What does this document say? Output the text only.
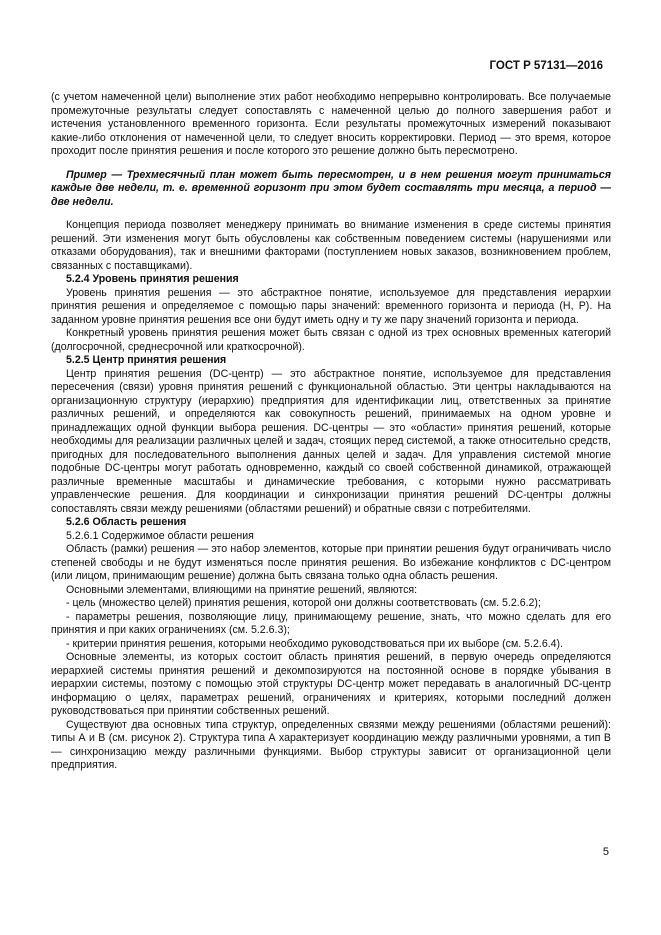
ГОСТ Р 57131—2016

(с учетом намеченной цели) выполнение этих работ необходимо непрерывно контролировать. Все получаемые промежуточные результаты следует сопоставлять с намеченной целью до полного завершения работ и истечения установленного временного горизонта. Если результаты промежуточных измерений показывают какие-либо отклонения от намеченной цели, то следует вносить корректировки. Период — это время, которое проходит после принятия решения и после которого это решение должно быть пересмотрено.

Пример — Трехмесячный план может быть пересмотрен, и в нем решения могут приниматься каждые две недели, т. е. временной горизонт при этом будет составлять три месяца, а период — две недели.

Концепция периода позволяет менеджеру принимать во внимание изменения в среде системы принятия решений. Эти изменения могут быть обусловлены как собственным поведением системы (нарушениями или отказами оборудования), так и внешними факторами (поступлением новых заказов, возникновением проблем, связанных с поставщиками).

5.2.4 Уровень принятия решения

Уровень принятия решения — это абстрактное понятие, используемое для представления иерархии принятия решения и определяемое с помощью пары значений: временного горизонта и периода (H, P). На заданном уровне принятия решения все они будут иметь одну и ту же пару значений горизонта и периода.

Конкретный уровень принятия решения может быть связан с одной из трех основных временных категорий (долгосрочной, среднесрочной или краткосрочной).

5.2.5 Центр принятия решения

Центр принятия решения (DC-центр) — это абстрактное понятие, используемое для представления пересечения (связи) уровня принятия решений с функциональной областью. Эти центры накладываются на организационную структуру (иерархию) предприятия для идентификации лиц, ответственных за принятие различных решений, и определяются как совокупность решений, принимаемых на одном уровне и принадлежащих одной функции выбора решения. DC-центры — это «области» принятия решений, которые необходимы для реализации различных целей и задач, стоящих перед системой, а также относительно средств, пригодных для последовательного выполнения данных целей и задач. Для управления системой многие подобные DC-центры могут работать одновременно, каждый со своей собственной динамикой, отражающей различные временные масштабы и динамические требования, с которыми нужно рассматривать управленческие решения. Для координации и синхронизации принятия решений DC-центры должны сопоставлять связи между решениями (областями решений) и обратные связи с потребителями.

5.2.6 Область решения

5.2.6.1 Содержимое области решения

Область (рамки) решения — это набор элементов, которые при принятии решения будут ограничивать число степеней свободы и не будут изменяться после принятия решения. Во избежание конфликтов с DC-центром (или лицом, принимающим решение) должна быть связана только одна область решения.

Основными элементами, влияющими на принятие решений, являются:

- цель (множество целей) принятия решения, которой они должны соответствовать (см. 5.2.6.2);

- параметры решения, позволяющие лицу, принимающему решение, знать, что можно сделать для его принятия и при каких ограничениях (см. 5.2.6.3);

- критерии принятия решения, которыми необходимо руководствоваться при их выборе (см. 5.2.6.4).

Основные элементы, из которых состоит область принятия решений, в первую очередь определяются иерархией системы принятия решений и декомпозируются на постоянной основе в порядке убывания в иерархии системы, поэтому с помощью этой структуры DC-центр может передавать в аналогичный DC-центр информацию о целях, параметрах решений, ограничениях и критериях, которыми последний должен руководствоваться при принятии собственных решений.

Существуют два основных типа структур, определенных связями между решениями (областями решений): типы А и В (см. рисунок 2). Структура типа А характеризует координацию между различными уровнями, а тип В — синхронизацию между различными функциями. Выбор структуры зависит от организационной цели предприятия.

5
